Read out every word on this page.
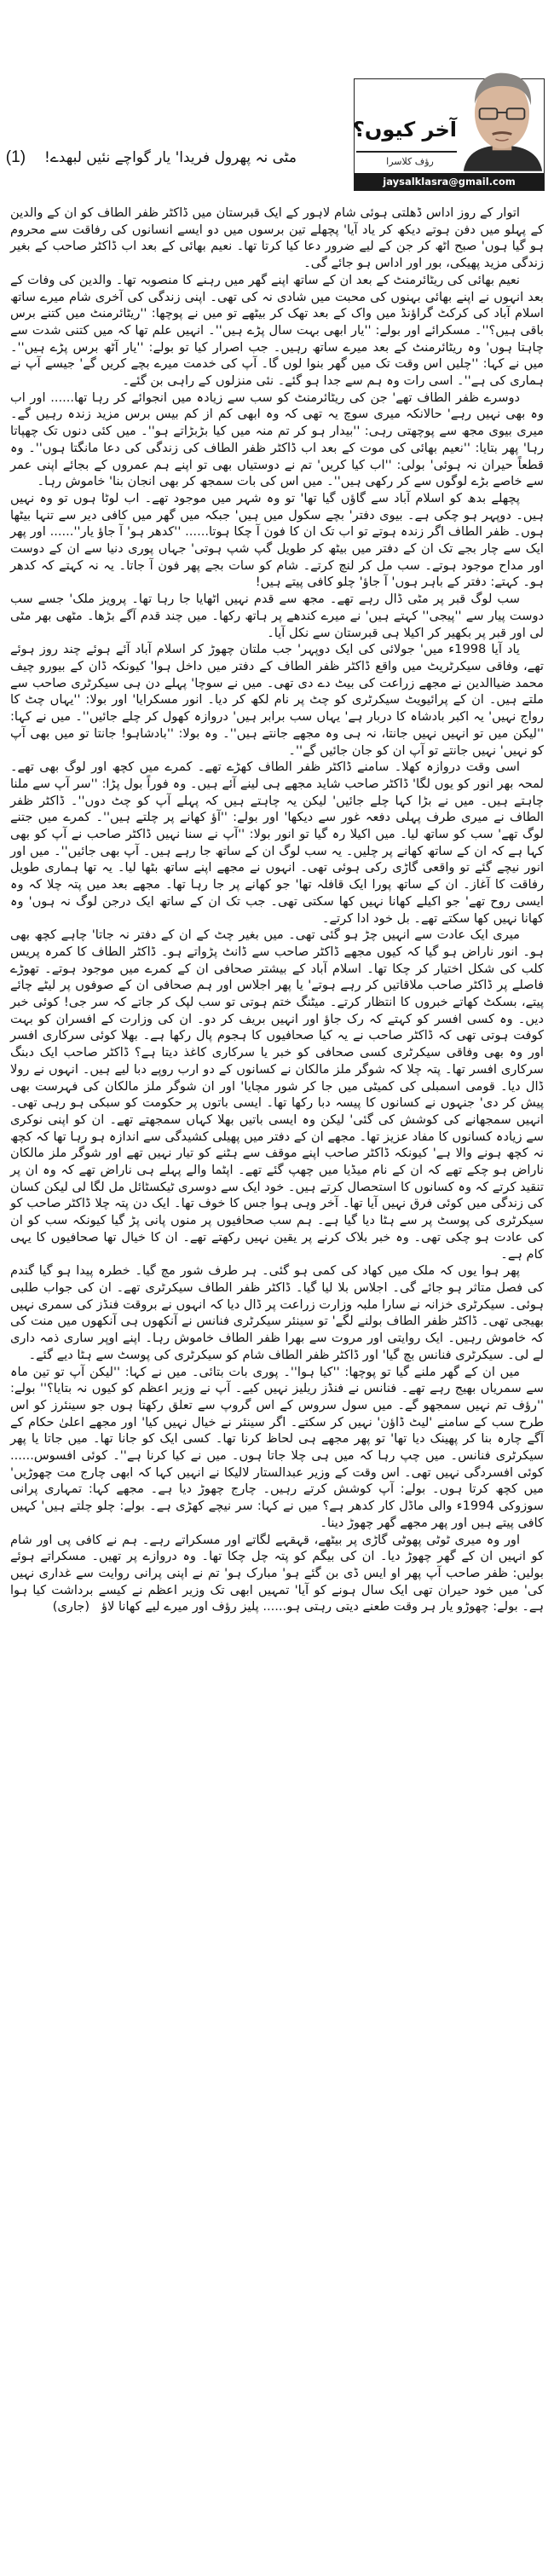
مٹی نہ پھرول فریدا' یار گواچے نئیں لبھدے!(1)
آخر کیوں؟
رؤف کلاسرا
jaysalklasra@gmail.com

اتوار کے روز اداس ڈھلتی ہوئی شام لاہور کے ایک قبرستان میں ڈاکٹر ظفر الطاف کو ان کے والدین کے پہلو میں دفن ہوتے دیکھ کر یاد آیا' پچھلے تین برسوں میں دو ایسے انسانوں کی رفاقت سے محروم ہو گیا ہوں' صبح اٹھ کر جن کے لیے ضرور دعا کیا کرتا تھا۔ نعیم بھائی کے بعد اب ڈاکٹر صاحب کے بغیر زندگی مزید پھیکی، بور اور اداس ہو جائے گی۔

نعیم بھائی کی ریٹائرمنٹ کے بعد ان کے ساتھ اپنے گھر میں رہنے کا منصوبہ تھا۔ والدین کی وفات کے بعد انہوں نے اپنے بھائی بہنوں کی محبت میں شادی نہ کی تھی۔ اپنی زندگی کی آخری شام میرے ساتھ اسلام آباد کی کرکٹ گراؤنڈ میں واک کے بعد تھک کر بیٹھے تو میں نے پوچھا: ''ریٹائرمنٹ میں کتنے برس باقی ہیں؟''۔ مسکرائے اور بولے: ''یار ابھی بہت سال پڑے ہیں''۔ انہیں علم تھا کہ میں کتنی شدت سے چاہتا ہوں' وہ ریٹائرمنٹ کے بعد میرے ساتھ رہیں۔ جب اصرار کیا تو بولے: ''یار آٹھ برس پڑے ہیں''۔ میں نے کہا: ''چلیں اس وقت تک میں گھر بنوا لوں گا۔ آپ کی خدمت میرے بچے کریں گے' جیسے آپ نے ہماری کی ہے''۔ اسی رات وہ ہم سے جدا ہو گئے۔ نئی منزلوں کے راہی بن گئے۔

دوسرے ظفر الطاف تھے' جن کی ریٹائرمنٹ کو سب سے زیادہ میں انجوائے کر رہا تھا...... اور اب وہ بھی نہیں رہے' حالانکہ میری سوچ یہ تھی کہ وہ ابھی کم از کم بیس برس مزید زندہ رہیں گے۔ میری بیوی مجھ سے پوچھتی رہی: ''بیدار ہو کر تم منہ میں کیا بڑبڑاتے ہو''۔ میں کئی دنوں تک چھپاتا رہا' پھر بتایا: ''نعیم بھائی کی موت کے بعد اب ڈاکٹر ظفر الطاف کی زندگی کی دعا مانگتا ہوں''۔ وہ قطعاً حیران نہ ہوئی' بولی: ''اب کیا کریں' تم نے دوستیاں بھی تو اپنے ہم عمروں کے بجائے اپنی عمر سے خاصے بڑے لوگوں سے کر رکھی ہیں''۔ میں اس کی بات سمجھ کر بھی انجان بنا' خاموش رہا۔

پچھلے بدھ کو اسلام آباد سے گاؤں گیا تھا' تو وہ شہر میں موجود تھے۔ اب لوٹا ہوں تو وہ نہیں ہیں۔ دوپہر ہو چکی ہے۔ بیوی دفتر' بچے سکول میں ہیں' جبکہ میں گھر میں کافی دیر سے تنہا بیٹھا ہوں۔ ظفر الطاف اگر زندہ ہوتے تو اب تک ان کا فون آ چکا ہوتا...... ''کدھر ہو' آ جاؤ یار''...... اور پھر ایک سے چار بجے تک ان کے دفتر میں بیٹھ کر طویل گپ شپ ہوتی' جہاں پوری دنیا سے ان کے دوست اور مداح موجود ہوتے۔ سب مل کر لنچ کرتے۔ شام کو سات بجے پھر فون آ جاتا۔ یہ نہ کہتے کہ کدھر ہو۔ کہتے: دفتر کے باہر ہوں' آ جاؤ' چلو کافی پیتے ہیں!

سب لوگ قبر پر مٹی ڈال رہے تھے۔ مجھ سے قدم نہیں اٹھایا جا رہا تھا۔ پرویز ملک' جسے سب دوست پیار سے ''پیجی'' کہتے ہیں' نے میرے کندھے پر ہاتھ رکھا۔ میں چند قدم آگے بڑھا۔ مٹھی بھر مٹی لی اور قبر پر بکھیر کر اکیلا ہی قبرستان سے نکل آیا۔

یاد آیا 1998ء میں' جولائی کی ایک دوپہر' جب ملتان چھوڑ کر اسلام آباد آئے ہوئے چند روز ہوئے تھے، وفاقی سیکرٹریٹ میں واقع ڈاکٹر ظفر الطاف کے دفتر میں داخل ہوا' کیونکہ ڈان کے بیورو چیف محمد ضیاالدین نے مجھے زراعت کی بیٹ دے دی تھی۔ میں نے سوچا' پہلے دن ہی سیکرٹری صاحب سے ملتے ہیں۔ ان کے پرائیویٹ سیکرٹری کو چٹ پر نام لکھ کر دیا۔ انور مسکرایا' اور بولا: ''یہاں چٹ کا رواج نہیں' یہ اکبر بادشاہ کا دربار ہے' یہاں سب برابر ہیں' دروازہ کھول کر چلے جائیں''۔ میں نے کہا: ''لیکن میں تو انہیں نہیں جانتا، نہ ہی وہ مجھے جانتے ہیں''۔ وہ بولا: ''بادشاہو! جانتا تو میں بھی آپ کو نہیں' نہیں جانتے تو آپ ان کو جان جائیں گے''۔

اسی وقت دروازہ کھلا۔ سامنے ڈاکٹر ظفر الطاف کھڑے تھے۔ کمرے میں کچھ اور لوگ بھی تھے۔ لمحہ بھر انور کو یوں لگا' ڈاکٹر صاحب شاید مجھے ہی لینے آئے ہیں۔ وہ فوراً بول پڑا: ''سر آپ سے ملنا چاہتے ہیں۔ میں نے بڑا کہا چلے جائیں' لیکن یہ چاہتے ہیں کہ پہلے آپ کو چٹ دوں''۔ ڈاکٹر ظفر الطاف نے میری طرف پہلی دفعہ غور سے دیکھا' اور بولے: ''آؤ کھانے پر چلتے ہیں''۔ کمرے میں جتنے لوگ تھے' سب کو ساتھ لیا۔ میں اکیلا رہ گیا تو انور بولا: ''آپ نے سنا نہیں ڈاکٹر صاحب نے آپ کو بھی کہا ہے کہ ان کے ساتھ کھانے پر چلیں۔ یہ سب لوگ ان کے ساتھ جا رہے ہیں۔ آپ بھی جائیں''۔ میں اور انور نیچے گئے تو واقعی گاڑی رکی ہوئی تھی۔ انہوں نے مجھے اپنے ساتھ بٹھا لیا۔ یہ تھا ہماری طویل رفاقت کا آغاز۔ ان کے ساتھ پورا ایک قافلہ تھا' جو کھانے پر جا رہا تھا۔ مجھے بعد میں پتہ چلا کہ وہ ایسی روح تھے' جو اکیلے کھانا نہیں کھا سکتی تھی۔ جب تک ان کے ساتھ ایک درجن لوگ نہ ہوں' وہ کھانا نہیں کھا سکتے تھے۔ بل خود ادا کرتے۔

میری ایک عادت سے انہیں چڑ ہو گئی تھی۔ میں بغیر چٹ کے ان کے دفتر نہ جاتا' چاہے کچھ بھی ہو۔ انور ناراض ہو گیا کہ کیوں مجھے ڈاکٹر صاحب سے ڈانٹ پڑواتے ہو۔ ڈاکٹر الطاف کا کمرہ پریس کلب کی شکل اختیار کر چکا تھا۔ اسلام آباد کے بیشتر صحافی ان کے کمرے میں موجود ہوتے۔ تھوڑے فاصلے پر ڈاکٹر صاحب ملاقاتیں کر رہے ہوتے' یا پھر اجلاس اور ہم صحافی ان کے صوفوں پر لیٹے چائے پیتے، بسکٹ کھاتے خبروں کا انتظار کرتے۔ میٹنگ ختم ہوتی تو سب لپک کر جاتے کہ سر جی! کوئی خبر دیں۔ وہ کسی افسر کو کہتے کہ رک جاؤ اور انہیں بریف کر دو۔ ان کی وزارت کے افسران کو بہت کوفت ہوتی تھی کہ ڈاکٹر صاحب نے یہ کیا صحافیوں کا ہجوم پال رکھا ہے۔ بھلا کوئی سرکاری افسر اور وہ بھی وفاقی سیکرٹری کسی صحافی کو خبر یا سرکاری کاغذ دیتا ہے؟ ڈاکٹر صاحب ایک دبنگ سرکاری افسر تھا۔ پتہ چلا کہ شوگر ملز مالکان نے کسانوں کے دو ارب روپے دبا لیے ہیں۔ انہوں نے رولا ڈال دیا۔ قومی اسمبلی کی کمیٹی میں جا کر شور مچایا' اور ان شوگر ملز مالکان کی فہرست بھی پیش کر دی' جنہوں نے کسانوں کا پیسہ دبا رکھا تھا۔ ایسی باتوں پر حکومت کو سبکی ہو رہی تھی۔ انہیں سمجھانے کی کوشش کی گئی' لیکن وہ ایسی باتیں بھلا کہاں سمجھتے تھے۔ ان کو اپنی نوکری سے زیادہ کسانوں کا مفاد عزیز تھا۔ مجھے ان کے دفتر میں پھیلی کشیدگی سے اندازہ ہو رہا تھا کہ کچھ نہ کچھ ہونے والا ہے' کیونکہ ڈاکٹر صاحب اپنے موقف سے ہٹنے کو تیار نہیں تھے اور شوگر ملز مالکان ناراض ہو چکے تھے کہ ان کے نام میڈیا میں چھپ گئے تھے۔ اپٹما والے پہلے ہی ناراض تھے کہ وہ ان پر تنقید کرتے کہ وہ کسانوں کا استحصال کرتے ہیں۔ خود ایک سے دوسری ٹیکسٹائل مل لگا لی لیکن کسان کی زندگی میں کوئی فرق نہیں آیا تھا۔ آخر وہی ہوا جس کا خوف تھا۔ ایک دن پتہ چلا ڈاکٹر صاحب کو سیکرٹری کی پوسٹ پر سے ہٹا دیا گیا ہے۔ ہم سب صحافیوں پر منوں پانی پڑ گیا کیونکہ سب کو ان کی عادت ہو چکی تھی۔ وہ خبر بلاک کرنے پر یقین نہیں رکھتے تھے۔ ان کا خیال تھا صحافیوں کا یہی کام ہے۔

پھر ہوا یوں کہ ملک میں کھاد کی کمی ہو گئی۔ ہر طرف شور مچ گیا۔ خطرہ پیدا ہو گیا گندم کی فصل متاثر ہو جائے گی۔ اجلاس بلا لیا گیا۔ ڈاکٹر ظفر الطاف سیکرٹری تھے۔ ان کی جواب طلبی ہوئی۔ سیکرٹری خزانہ نے سارا ملبہ وزارت زراعت پر ڈال دیا کہ انہوں نے بروقت فنڈز کی سمری نہیں بھیجی تھی۔ ڈاکٹر ظفر الطاف بولنے لگے' تو سینئر سیکرٹری فنانس نے آنکھوں ہی آنکھوں میں منت کی کہ خاموش رہیں۔ ایک روایتی اور مروت سے بھرا ظفر الطاف خاموش رہا۔ اپنے اوپر ساری ذمہ داری لے لی۔ سیکرٹری فنانس بچ گیا' اور ڈاکٹر ظفر الطاف شام کو سیکرٹری کی پوسٹ سے ہٹا دیے گئے۔

میں ان کے گھر ملنے گیا تو پوچھا: ''کیا ہوا''۔ پوری بات بتائی۔ میں نے کہا: ''لیکن آپ تو تین ماہ سے سمریاں بھیج رہے تھے۔ فنانس نے فنڈز ریلیز نہیں کیے۔ آپ نے وزیر اعظم کو کیوں نہ بتایا؟'' بولے: ''رؤف تم نہیں سمجھو گے۔ میں سول سروس کے اس گروپ سے تعلق رکھتا ہوں جو سینئرز کو اس طرح سب کے سامنے 'لیٹ ڈاؤن' نہیں کر سکتے۔ اگر سینئر نے خیال نہیں کیا' اور مجھے اعلیٰ حکام کے آگے چارہ بنا کر پھینک دیا تھا' تو پھر مجھے ہی لحاظ کرنا تھا۔ کسی ایک کو جانا تھا۔ میں جاتا یا پھر سیکرٹری فنانس۔ میں چپ رہا کہ میں ہی چلا جاتا ہوں۔ میں نے کیا کرنا ہے''۔ کوئی افسوس...... کوئی افسردگی نہیں تھی۔ اس وقت کے وزیر عبدالستار لالیکا نے انہیں کہا کہ ابھی چارج مت چھوڑیں' میں کچھ کرتا ہوں۔ بولے: آپ کوشش کرتے رہیں۔ چارج چھوڑ دیا ہے۔ مجھے کہا: تمہاری پرانی سوزوکی 1994ء والی ماڈل کار کدھر ہے؟ میں نے کہا: سر نیچے کھڑی ہے۔ بولے: چلو چلتے ہیں' کہیں کافی پیتے ہیں اور پھر مجھے گھر چھوڑ دینا۔

اور وہ میری ٹوٹی پھوٹی گاڑی پر بیٹھے، قہقہے لگاتے اور مسکراتے رہے۔ ہم نے کافی پی اور شام کو انہیں ان کے گھر چھوڑ دیا۔ ان کی بیگم کو پتہ چل چکا تھا۔ وہ دروازے پر تھیں۔ مسکراتے ہوئے بولیں: ظفر صاحب آپ پھر او ایس ڈی بن گئے ہو' مبارک ہو' تم نے اپنی پرانی روایت سے غداری نہیں کی' میں خود حیران تھی ایک سال ہونے کو آیا' تمہیں ابھی تک وزیر اعظم نے کیسے برداشت کیا ہوا ہے۔ بولے: چھوڑو یار ہر وقت طعنے دیتی رہتی ہو...... پلیز رؤف اور میرے لیے کھانا لاؤ   (جاری)
